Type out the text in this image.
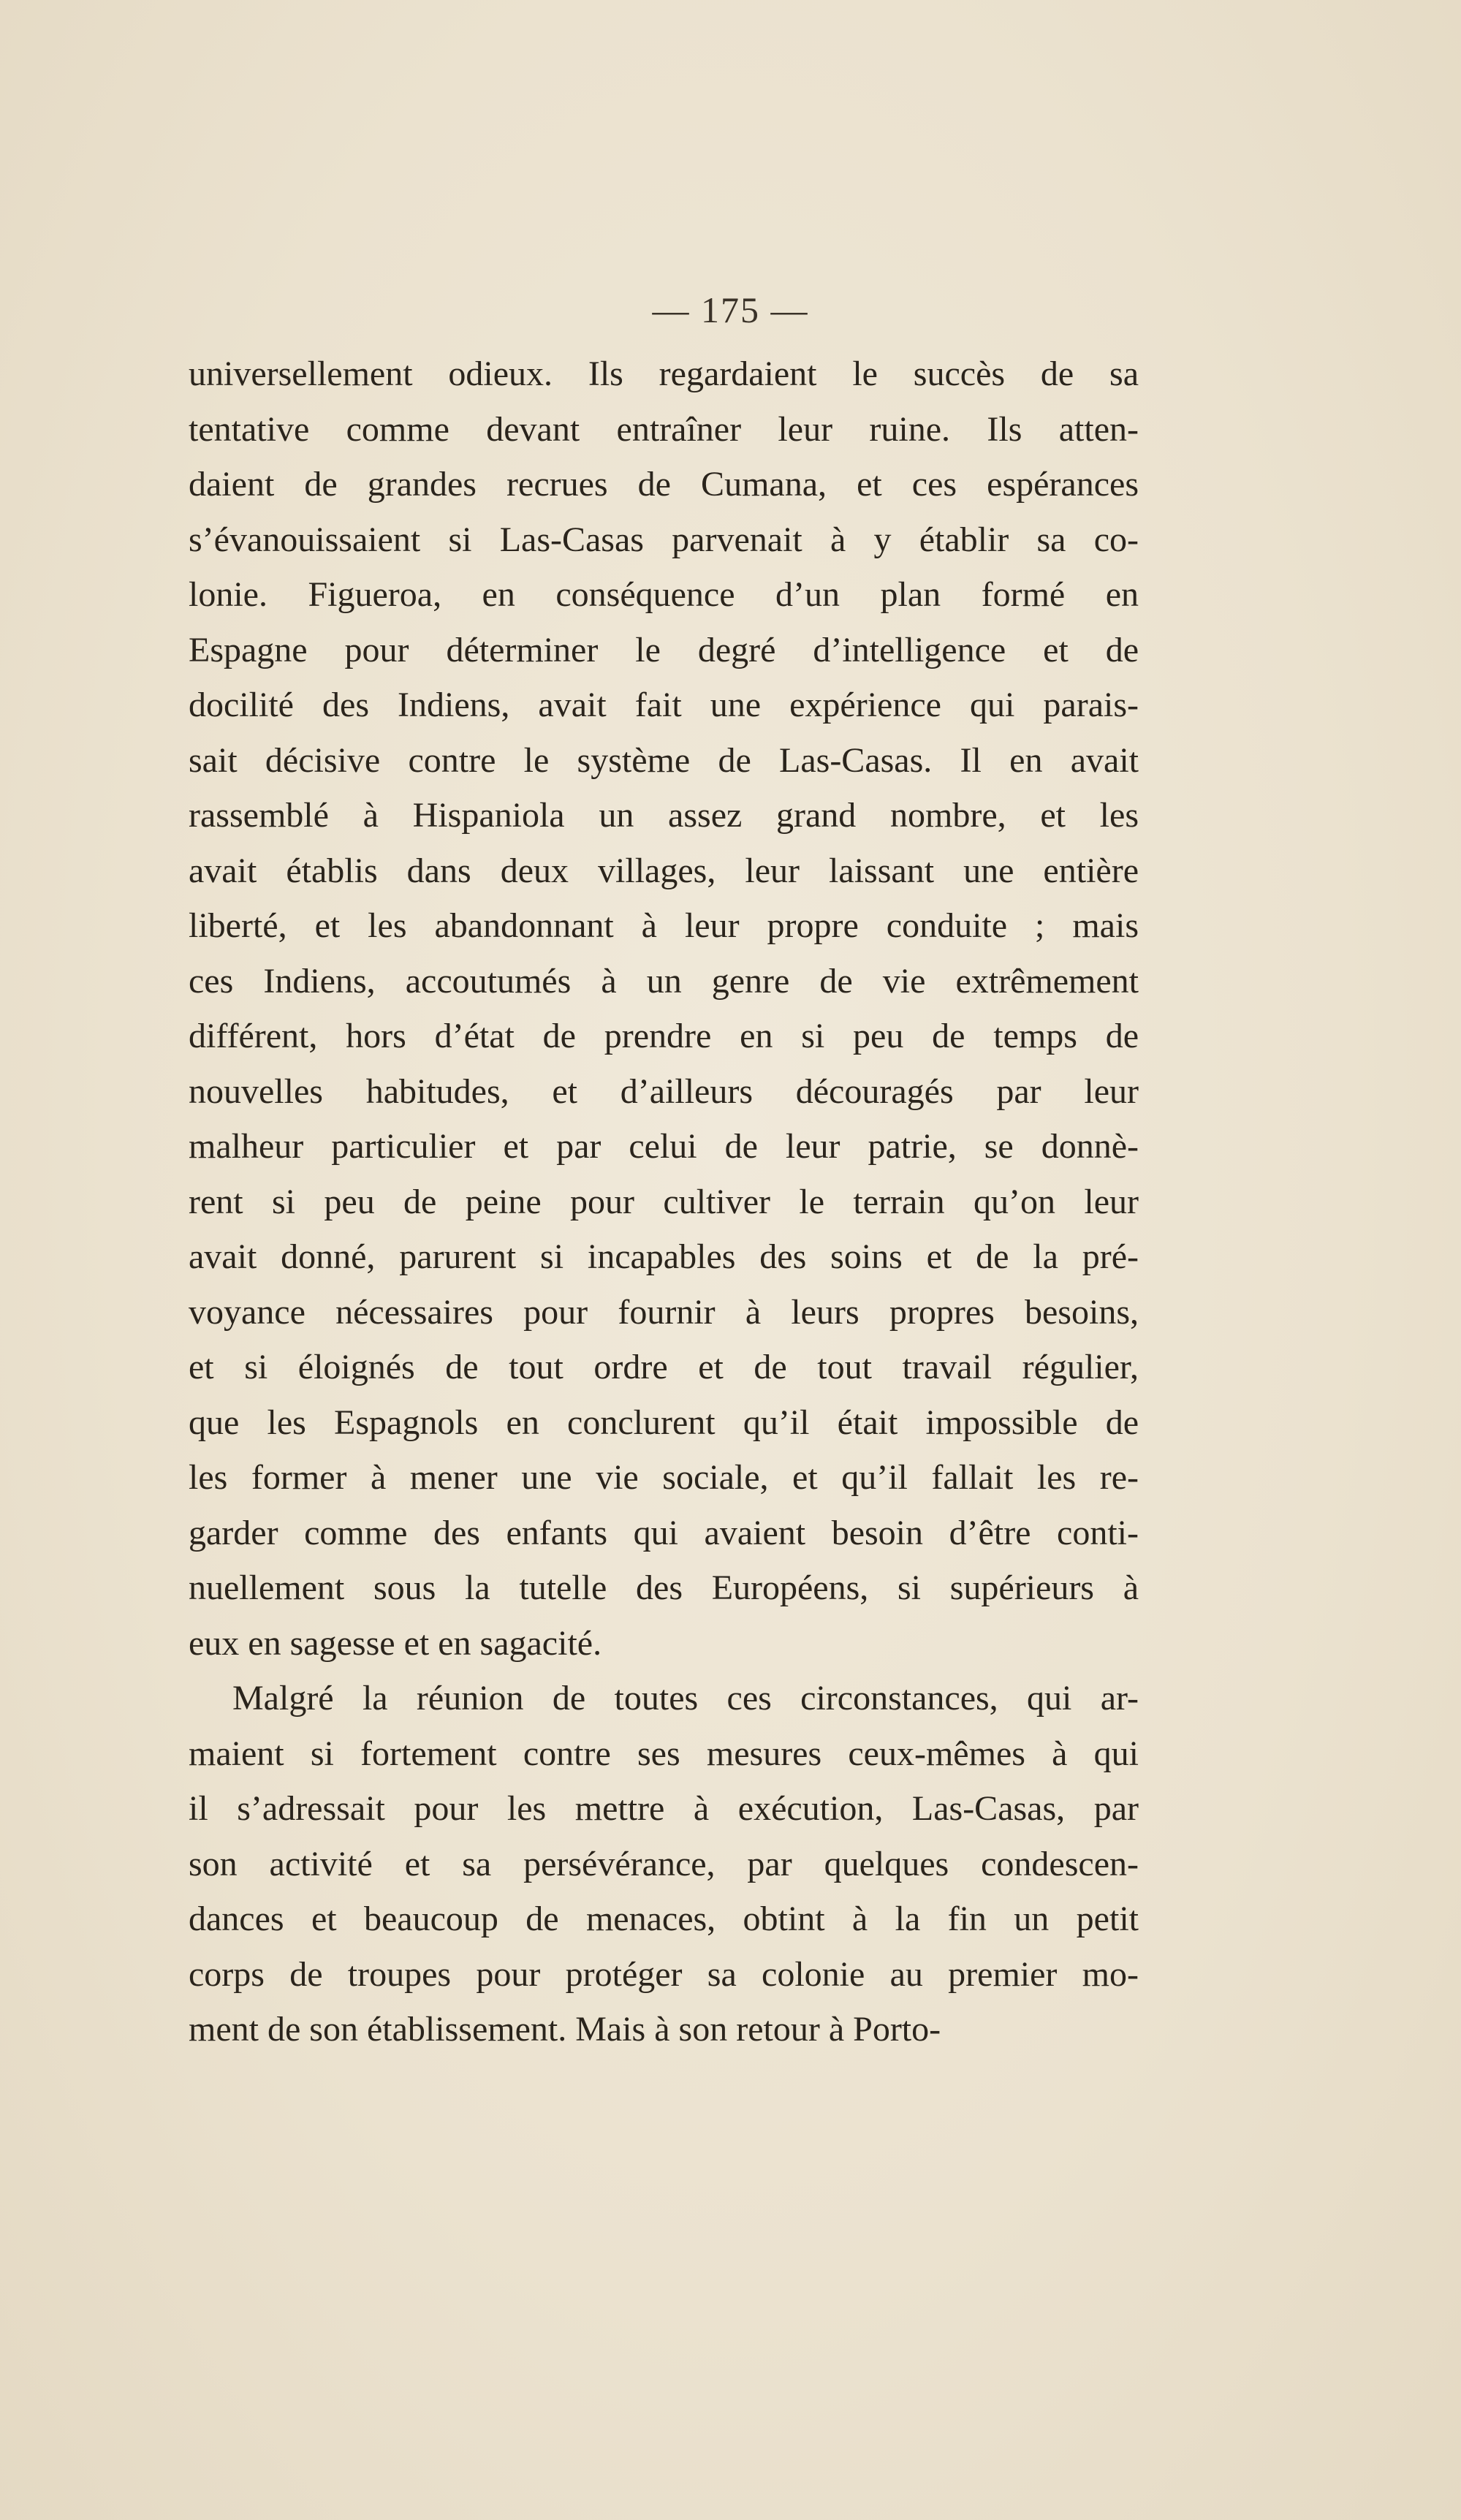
— 175 —
universellement odieux. Ils regardaient le succès de sa
tentative comme devant entraîner leur ruine. Ils atten-
daient de grandes recrues de Cumana, et ces espérances
s’évanouissaient si Las-Casas parvenait à y établir sa co-
lonie. Figueroa, en conséquence d’un plan formé en
Espagne pour déterminer le degré d’intelligence et de
docilité des Indiens, avait fait une expérience qui parais-
sait décisive contre le système de Las-Casas. Il en avait
rassemblé à Hispaniola un assez grand nombre, et les
avait établis dans deux villages, leur laissant une entière
liberté, et les abandonnant à leur propre conduite ; mais
ces Indiens, accoutumés à un genre de vie extrêmement
différent, hors d’état de prendre en si peu de temps de
nouvelles habitudes, et d’ailleurs découragés par leur
malheur particulier et par celui de leur patrie, se donnè-
rent si peu de peine pour cultiver le terrain qu’on leur
avait donné, parurent si incapables des soins et de la pré-
voyance nécessaires pour fournir à leurs propres besoins,
et si éloignés de tout ordre et de tout travail régulier,
que les Espagnols en conclurent qu’il était impossible de
les former à mener une vie sociale, et qu’il fallait les re-
garder comme des enfants qui avaient besoin d’être conti-
nuellement sous la tutelle des Européens, si supérieurs à
eux en sagesse et en sagacité.
Malgré la réunion de toutes ces circonstances, qui ar-
maient si fortement contre ses mesures ceux-mêmes à qui
il s’adressait pour les mettre à exécution, Las-Casas, par
son activité et sa persévérance, par quelques condescen-
dances et beaucoup de menaces, obtint à la fin un petit
corps de troupes pour protéger sa colonie au premier mo-
ment de son établissement. Mais à son retour à Porto-
